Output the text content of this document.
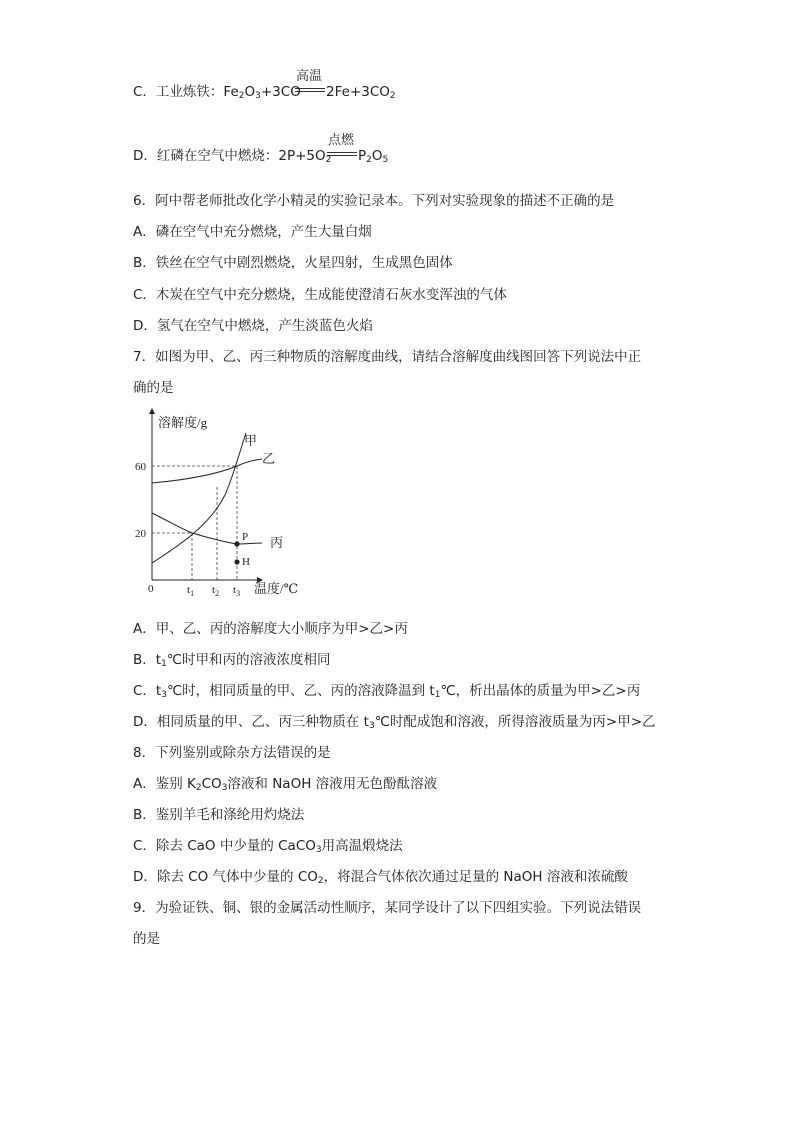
C．工业炼铁：$Fe_2O_3+3CO$
高温
$2Fe+3CO_2$
D．红磷在空气中燃烧：$2P+5O_2$
点燃
$P_2O_5$
6．阿中帮老师批改化学小精灵的实验记录本。下列对实验现象的描述不正确的是
A．磷在空气中充分燃烧，产生大量白烟
B．铁丝在空气中剧烈燃烧，火星四射，生成黑色固体
C．木炭在空气中充分燃烧，生成能使澄清石灰水变浑浊的气体
D．氢气在空气中燃烧，产生淡蓝色火焰
7．如图为甲、乙、丙三种物质的溶解度曲线，请结合溶解度曲线图回答下列说法中正
确的是
溶解度/g
60
20
0	$t_1$ $t_2$ $t_3$ 温度/℃
甲
乙
丙
P
H
A．甲、乙、丙的溶解度大小顺序为甲>乙>丙
B．$t_1℃$时甲和丙的溶液浓度相同
C．$t_3℃$时，相同质量的甲、乙、丙的溶液降温到 $t_1℃$，析出晶体的质量为甲>乙>丙
D．相同质量的甲、乙、丙三种物质在 $t_3℃$时配成饱和溶液，所得溶液质量为丙>甲>乙
8．下列鉴别或除杂方法错误的是
A．鉴别 $K_2CO_3$溶液和 NaOH 溶液用无色酚酞溶液
B．鉴别羊毛和涤纶用灼烧法
C．除去 CaO 中少量的 CaCO$_3$用高温煅烧法
D．除去 CO 气体中少量的 $CO_2$，将混合气体依次通过足量的 NaOH 溶液和浓硫酸
9．为验证铁、铜、银的金属活动性顺序，某同学设计了以下四组实验。下列说法错误
的是
